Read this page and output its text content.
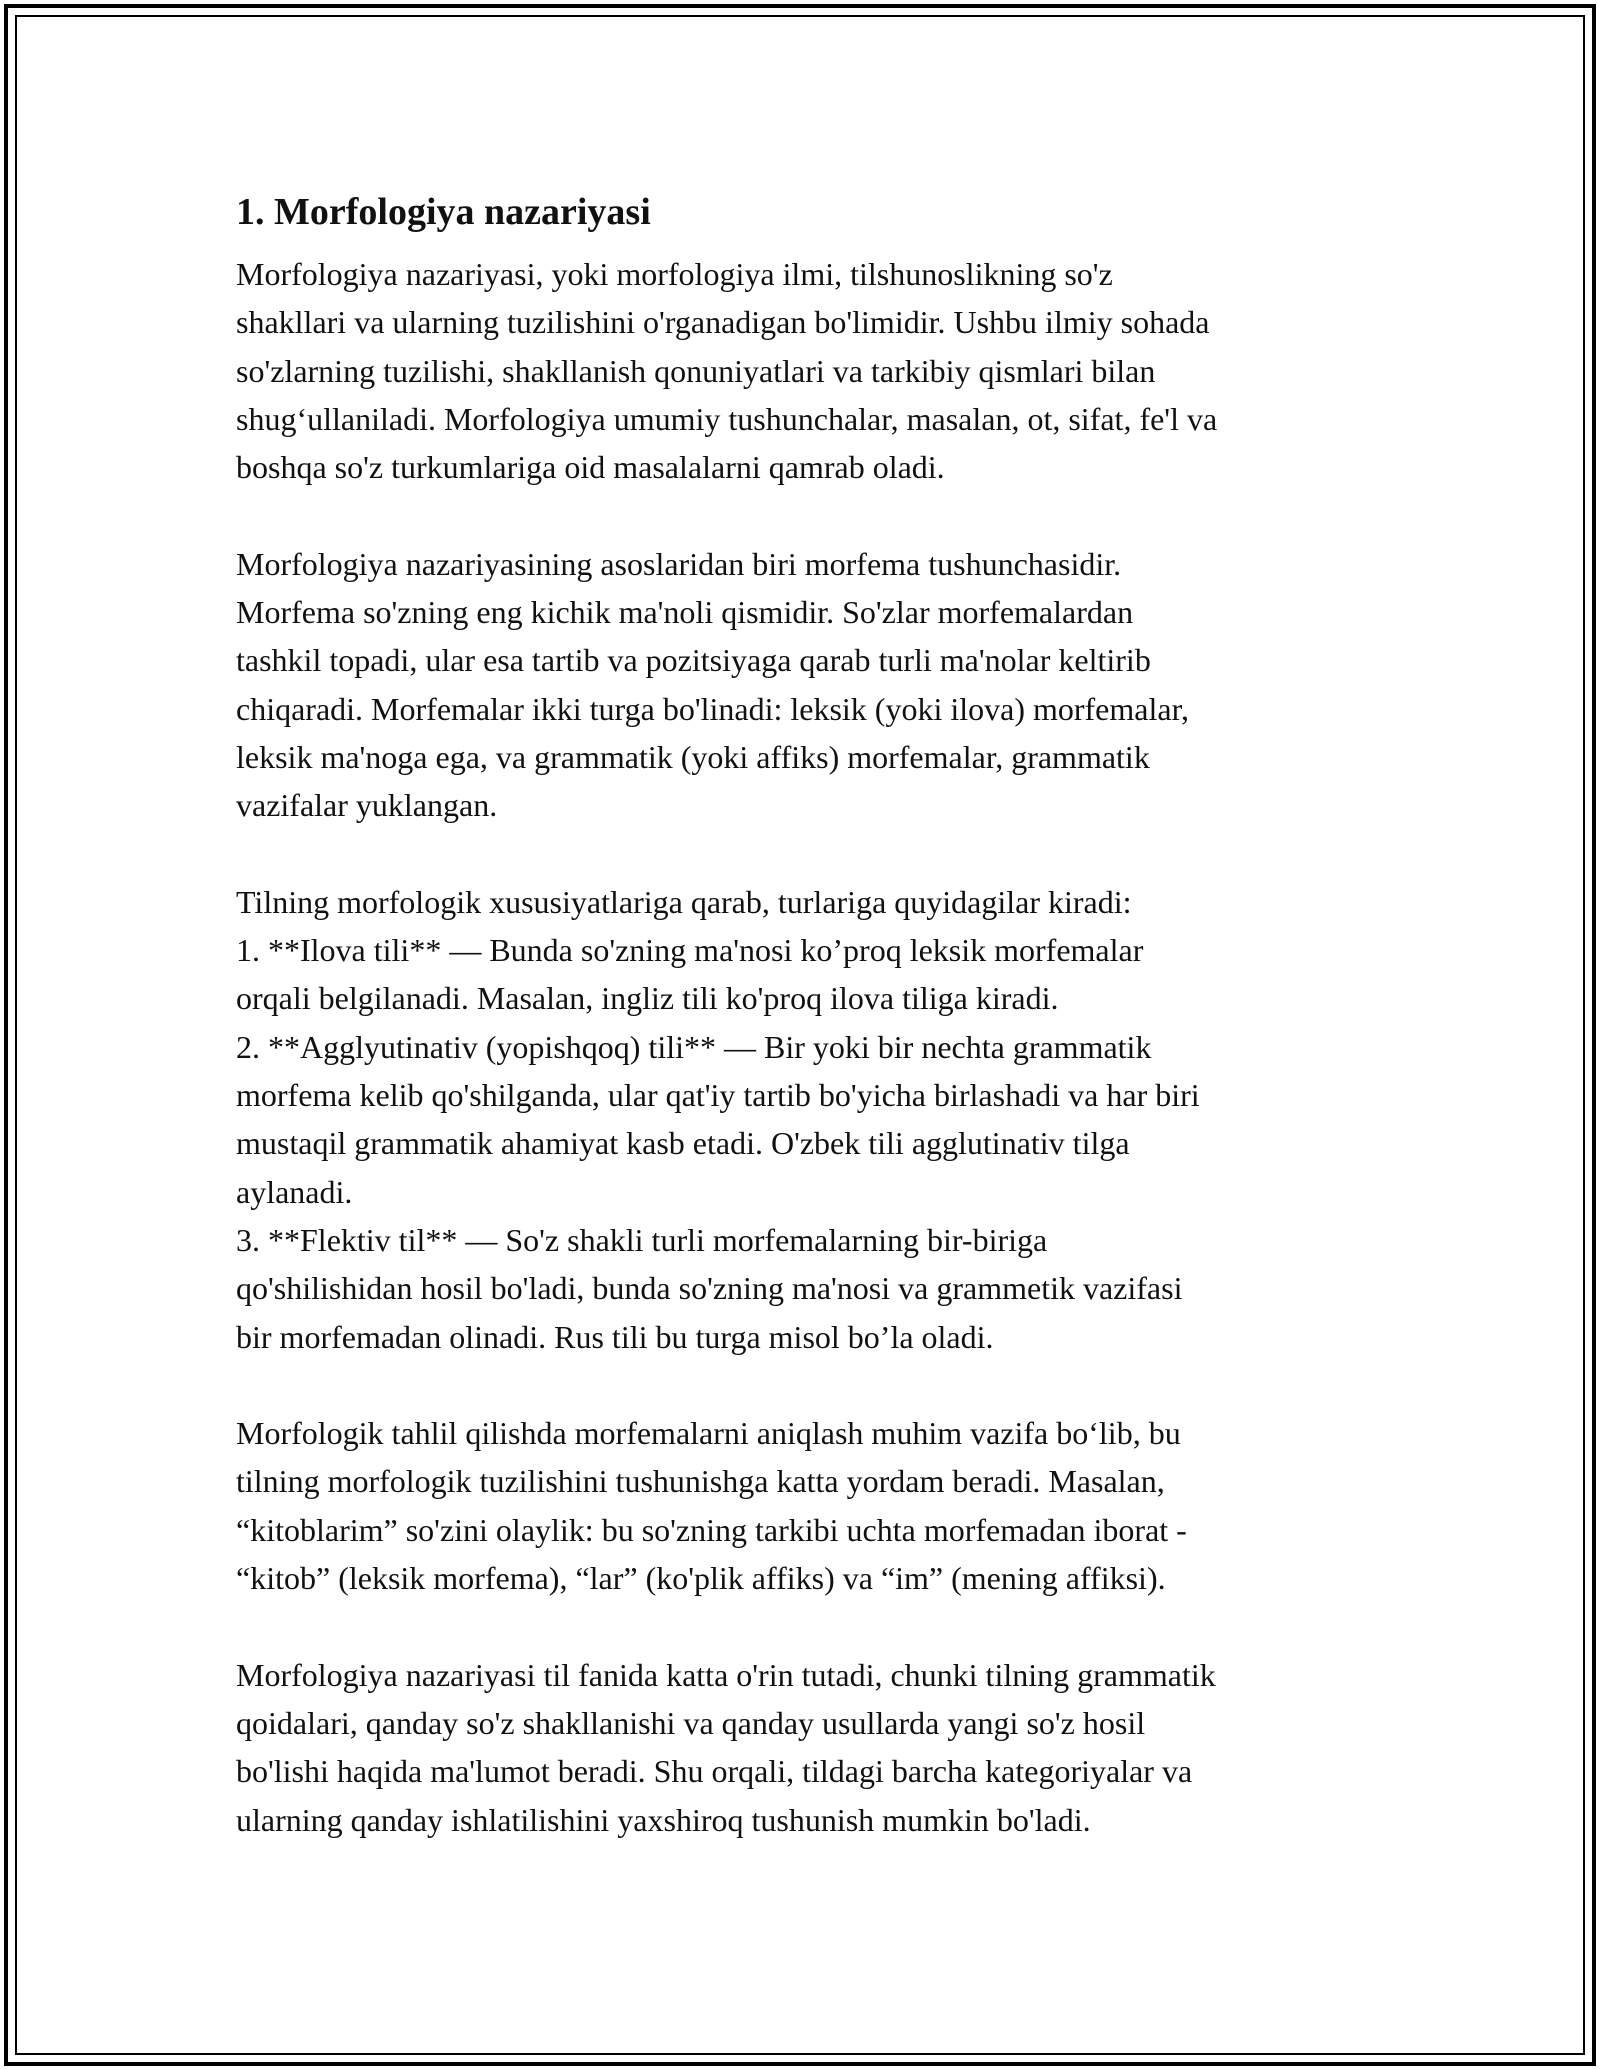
1. Morfologiya nazariyasi

Morfologiya nazariyasi, yoki morfologiya ilmi, tilshunoslikning so'z
shakllari va ularning tuzilishini o'rganadigan bo'limidir. Ushbu ilmiy sohada
so'zlarning tuzilishi, shakllanish qonuniyatlari va tarkibiy qismlari bilan
shug‘ullaniladi. Morfologiya umumiy tushunchalar, masalan, ot, sifat, fe'l va
boshqa so'z turkumlariga oid masalalarni qamrab oladi.

Morfologiya nazariyasining asoslaridan biri morfema tushunchasidir.
Morfema so'zning eng kichik ma'noli qismidir. So'zlar morfemalardan
tashkil topadi, ular esa tartib va pozitsiyaga qarab turli ma'nolar keltirib
chiqaradi. Morfemalar ikki turga bo'linadi: leksik (yoki ilova) morfemalar,
leksik ma'noga ega, va grammatik (yoki affiks) morfemalar, grammatik
vazifalar yuklangan.

Tilning morfologik xususiyatlariga qarab, turlariga quyidagilar kiradi:
1. **Ilova tili** — Bunda so'zning ma'nosi ko’proq leksik morfemalar
orqali belgilanadi. Masalan, ingliz tili ko'proq ilova tiliga kiradi.
2. **Agglyutinativ (yopishqoq) tili** — Bir yoki bir nechta grammatik
morfema kelib qo'shilganda, ular qat'iy tartib bo'yicha birlashadi va har biri
mustaqil grammatik ahamiyat kasb etadi. O'zbek tili agglutinativ tilga
aylanadi.
3. **Flektiv til** — So'z shakli turli morfemalarning bir-biriga
qo'shilishidan hosil bo'ladi, bunda so'zning ma'nosi va grammetik vazifasi
bir morfemadan olinadi. Rus tili bu turga misol bo’la oladi.

Morfologik tahlil qilishda morfemalarni aniqlash muhim vazifa bo‘lib, bu
tilning morfologik tuzilishini tushunishga katta yordam beradi. Masalan,
“kitoblarim” so'zini olaylik: bu so'zning tarkibi uchta morfemadan iborat -
“kitob” (leksik morfema), “lar” (ko'plik affiks) va “im” (mening affiksi).

Morfologiya nazariyasi til fanida katta o'rin tutadi, chunki tilning grammatik
qoidalari, qanday so'z shakllanishi va qanday usullarda yangi so'z hosil
bo'lishi haqida ma'lumot beradi. Shu orqali, tildagi barcha kategoriyalar va
ularning qanday ishlatilishini yaxshiroq tushunish mumkin bo'ladi.
